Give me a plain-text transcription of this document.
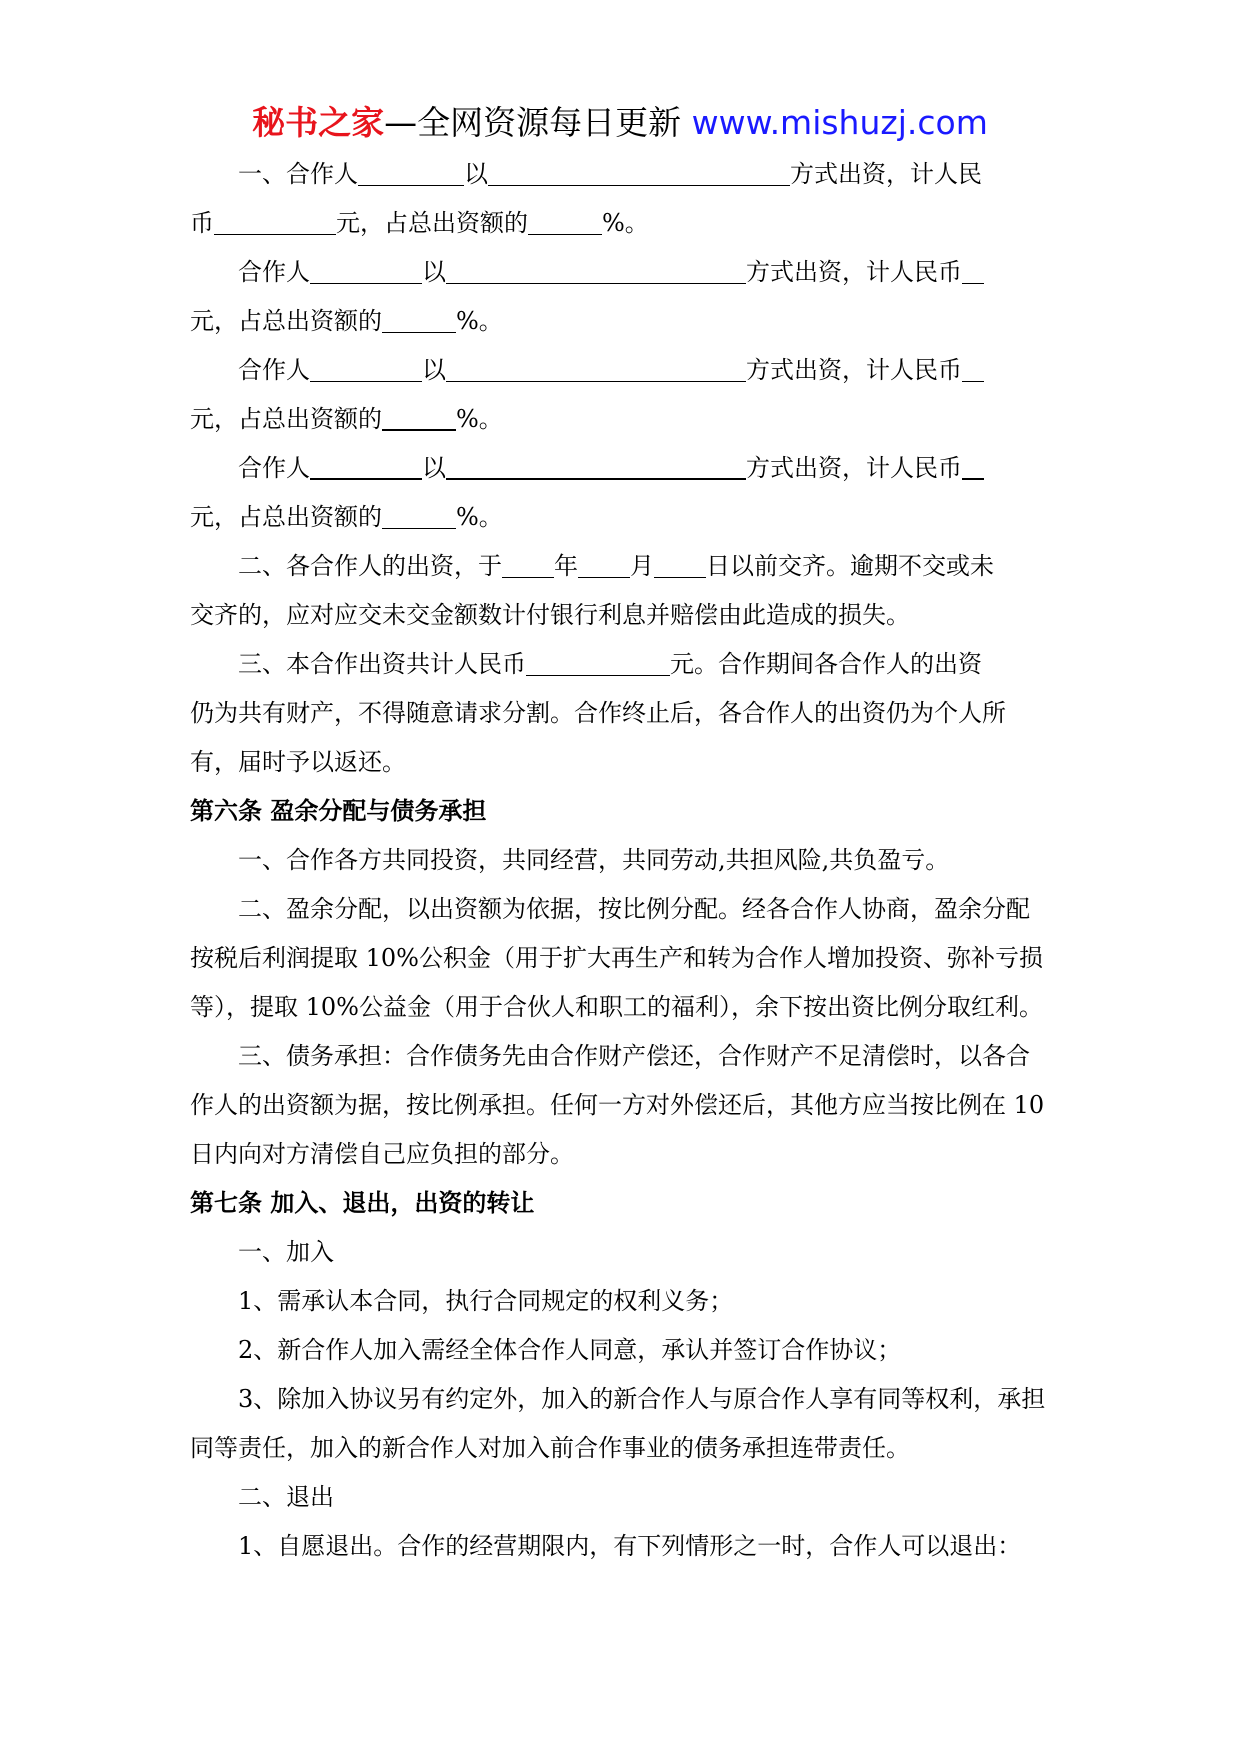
秘书之家—全网资源每日更新 www.mishuzj.com

一、合作人	以	方式出资，计人民

币	元，占总出资额的	%。

合作人	以	方式出资，计人民币

元，占总出资额的	%。

合作人	以	方式出资，计人民币

元，占总出资额的	%。

合作人	以	方式出资，计人民币

元，占总出资额的	%。

二、各合作人的出资，于 年 月 日以前交齐。逾期不交或未

交齐的，应对应交未交金额数计付银行利息并赔偿由此造成的损失。

三、本合作出资共计人民币	元。合作期间各合作人的出资

仍为共有财产，不得随意请求分割。合作终止后，各合作人的出资仍为个人所

有，届时予以返还。

第六条 盈余分配与债务承担

一、合作各方共同投资，共同经营，共同劳动,共担风险,共负盈亏。

二、盈余分配，以出资额为依据，按比例分配。经各合作人协商，盈余分配按税后利润提取 10%公积金（用于扩大再生产和转为合作人增加投资、弥补亏损等），提取 10%公益金（用于合伙人和职工的福利），余下按出资比例分取红利。

三、债务承担：合作债务先由合作财产偿还，合作财产不足清偿时，以各合作人的出资额为据，按比例承担。任何一方对外偿还后，其他方应当按比例在 10 日内向对方清偿自己应负担的部分。

第七条 加入、退出，出资的转让

一、加入

1、需承认本合同，执行合同规定的权利义务；

2、新合作人加入需经全体合作人同意，承认并签订合作协议；

3、除加入协议另有约定外，加入的新合作人与原合作人享有同等权利，承担同等责任，加入的新合作人对加入前合作事业的债务承担连带责任。

二、退出

1、自愿退出。合作的经营期限内，有下列情形之一时，合作人可以退出：
